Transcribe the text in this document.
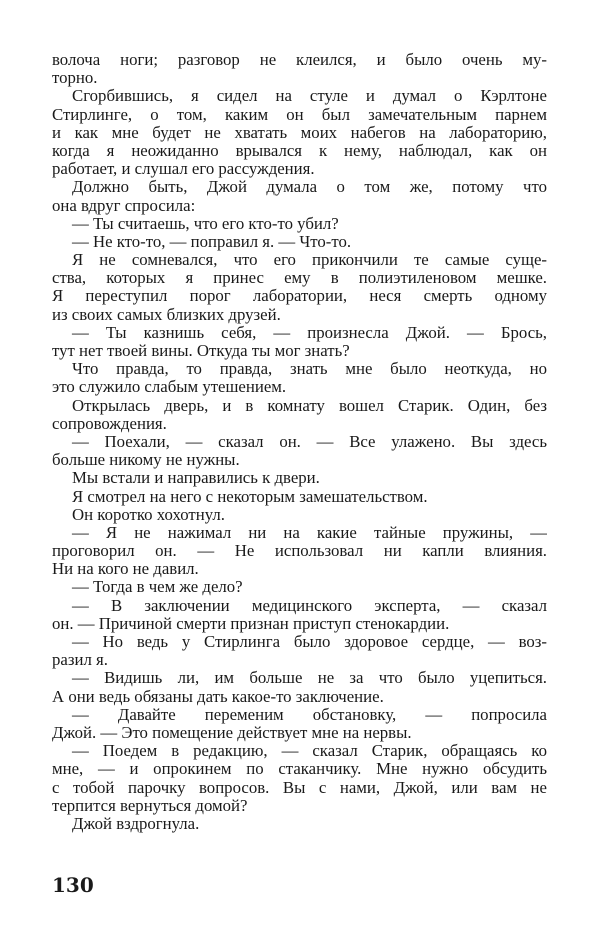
волоча ноги; разговор не клеился, и было очень му-
торно.
Сгорбившись, я сидел на стуле и думал о Кэрлтоне
Стирлинге, о том, каким он был замечательным парнем
и как мне будет не хватать моих набегов на лабораторию,
когда я неожиданно врывался к нему, наблюдал, как он
работает, и слушал его рассуждения.
Должно быть, Джой думала о том же, потому что
она вдруг спросила:
— Ты считаешь, что его кто-то убил?
— Не кто-то, — поправил я. — Что-то.
Я не сомневался, что его прикончили те самые суще-
ства, которых я принес ему в полиэтиленовом мешке.
Я переступил порог лаборатории, неся смерть одному
из своих самых близких друзей.
— Ты казнишь себя, — произнесла Джой. — Брось,
тут нет твоей вины. Откуда ты мог знать?
Что правда, то правда, знать мне было неоткуда, но
это служило слабым утешением.
Открылась дверь, и в комнату вошел Старик. Один, без
сопровождения.
— Поехали, — сказал он. — Все улажено. Вы здесь
больше никому не нужны.
Мы встали и направились к двери.
Я смотрел на него с некоторым замешательством.
Он коротко хохотнул.
— Я не нажимал ни на какие тайные пружины, —
проговорил он. — Не использовал ни капли влияния.
Ни на кого не давил.
— Тогда в чем же дело?
— В заключении медицинского эксперта, — сказал
он. — Причиной смерти признан приступ стенокардии.
— Но ведь у Стирлинга было здоровое сердце, — воз-
разил я.
— Видишь ли, им больше не за что было уцепиться.
А они ведь обязаны дать какое-то заключение.
— Давайте переменим обстановку, — попросила
Джой. — Это помещение действует мне на нервы.
— Поедем в редакцию, — сказал Старик, обращаясь ко
мне, — и опрокинем по стаканчику. Мне нужно обсудить
с тобой парочку вопросов. Вы с нами, Джой, или вам не
терпится вернуться домой?
Джой вздрогнула.
130
